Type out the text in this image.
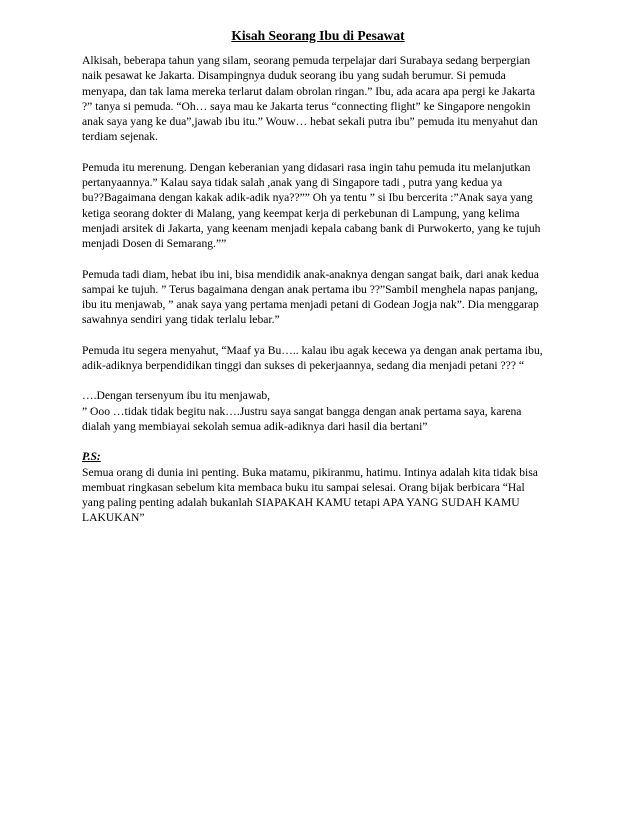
Kisah Seorang Ibu di Pesawat
Alkisah, beberapa tahun yang silam, seorang pemuda terpelajar dari Surabaya sedang berpergian
naik pesawat ke Jakarta. Disampingnya duduk seorang ibu yang sudah berumur. Si pemuda
menyapa, dan tak lama mereka terlarut dalam obrolan ringan.” Ibu, ada acara apa pergi ke Jakarta
?” tanya si pemuda. “Oh… saya mau ke Jakarta terus “connecting flight” ke Singapore nengokin
anak saya yang ke dua”,jawab ibu itu.” Wouw… hebat sekali putra ibu” pemuda itu menyahut dan
terdiam sejenak.
Pemuda itu merenung. Dengan keberanian yang didasari rasa ingin tahu pemuda itu melanjutkan
pertanyaannya.” Kalau saya tidak salah ,anak yang di Singapore tadi , putra yang kedua ya
bu??Bagaimana dengan kakak adik-adik nya??”” Oh ya tentu ” si Ibu bercerita :”Anak saya yang
ketiga seorang dokter di Malang, yang keempat kerja di perkebunan di Lampung, yang kelima
menjadi arsitek di Jakarta, yang keenam menjadi kepala cabang bank di Purwokerto, yang ke tujuh
menjadi Dosen di Semarang.””
Pemuda tadi diam, hebat ibu ini, bisa mendidik anak-anaknya dengan sangat baik, dari anak kedua
sampai ke tujuh. ” Terus bagaimana dengan anak pertama ibu ??”Sambil menghela napas panjang,
ibu itu menjawab, ” anak saya yang pertama menjadi petani di Godean Jogja nak”. Dia menggarap
sawahnya sendiri yang tidak terlalu lebar.”
Pemuda itu segera menyahut, “Maaf ya Bu….. kalau ibu agak kecewa ya dengan anak pertama ibu,
adik-adiknya berpendidikan tinggi dan sukses di pekerjaannya, sedang dia menjadi petani ??? “
….Dengan tersenyum ibu itu menjawab,
” Ooo …tidak tidak begitu nak….Justru saya sangat bangga dengan anak pertama saya, karena
dialah yang membiayai sekolah semua adik-adiknya dari hasil dia bertani”
P.S:
Semua orang di dunia ini penting. Buka matamu, pikiranmu, hatimu. Intinya adalah kita tidak bisa
membuat ringkasan sebelum kita membaca buku itu sampai selesai. Orang bijak berbicara “Hal
yang paling penting adalah bukanlah SIAPAKAH KAMU tetapi APA YANG SUDAH KAMU
LAKUKAN”
